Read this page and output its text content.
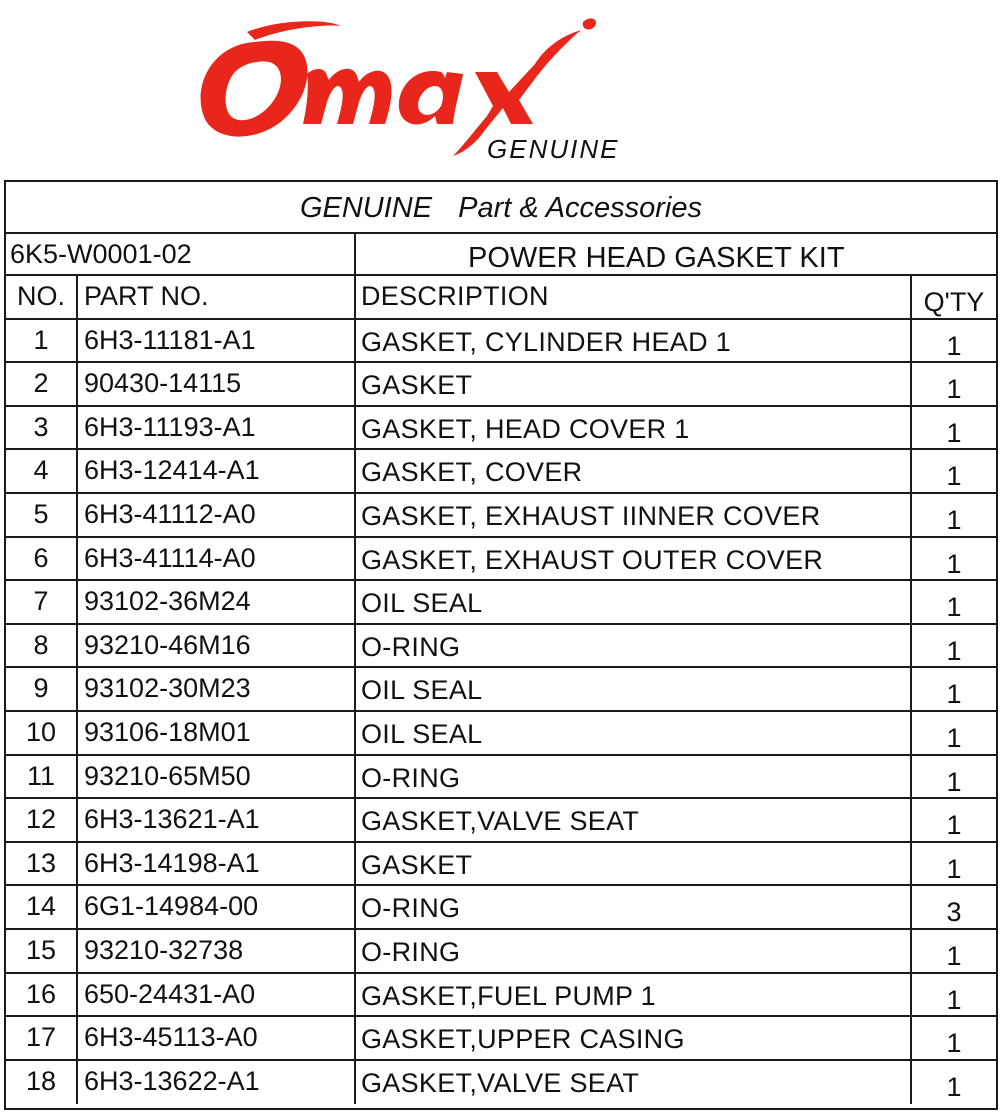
GENUINE
GENUINE Part & Accessories
6K5-W0001-02	POWER HEAD GASKET KIT
NO. PART NO.	DESCRIPTION	Q'TY
1	6H3-11181-A1	GASKET, CYLINDER HEAD 1	1
2	90430-14115	GASKET	1
3	6H3-11193-A1	GASKET, HEAD COVER 1	1
4	6H3-12414-A1	GASKET, COVER	1
5	6H3-41112-A0	GASKET, EXHAUST IINNER COVER	1
6	6H3-41114-A0	GASKET, EXHAUST OUTER COVER	1
7	93102-36M24	OIL SEAL	1
8	93210-46M16	O-RING	1
9	93102-30M23	OIL SEAL	1
10	93106-18M01	OIL SEAL	1
11	93210-65M50	O-RING	1
12	6H3-13621-A1	GASKET,VALVE SEAT	1
13	6H3-14198-A1	GASKET	1
14	6G1-14984-00	O-RING	3
15	93210-32738	O-RING	1
16	650-24431-A0	GASKET,FUEL PUMP 1	1
17	6H3-45113-A0	GASKET,UPPER CASING	1
18	6H3-13622-A1	GASKET,VALVE SEAT	1
